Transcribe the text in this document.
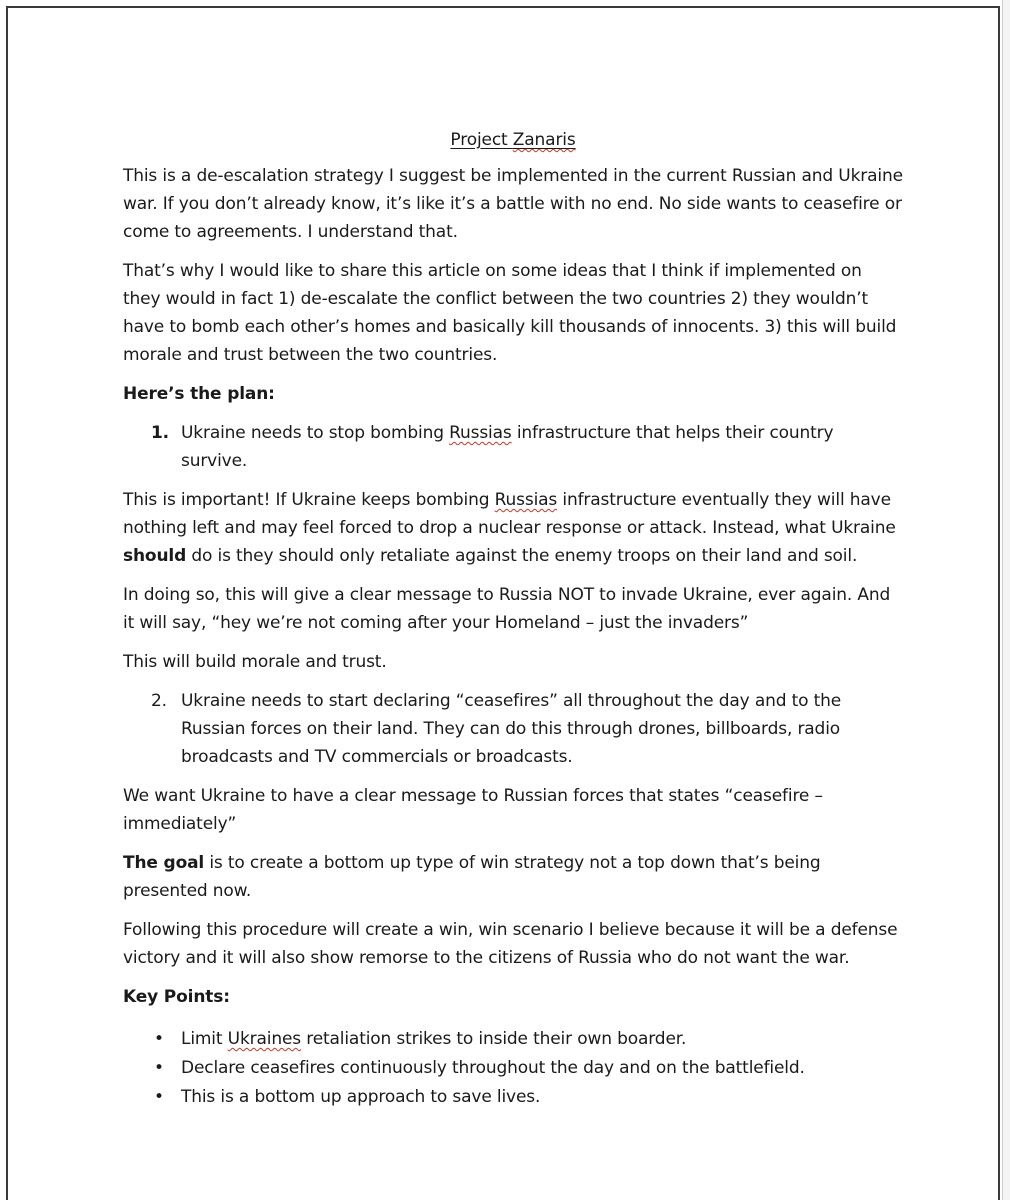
Project Zanaris

This is a de-escalation strategy I suggest be implemented in the current Russian and Ukraine war. If you don’t already know, it’s like it’s a battle with no end. No side wants to ceasefire or come to agreements. I understand that.

That’s why I would like to share this article on some ideas that I think if implemented on they would in fact 1) de-escalate the conflict between the two countries 2) they wouldn’t have to bomb each other’s homes and basically kill thousands of innocents. 3) this will build morale and trust between the two countries.

Here’s the plan:

1. Ukraine needs to stop bombing Russias infrastructure that helps their country survive.

This is important! If Ukraine keeps bombing Russias infrastructure eventually they will have nothing left and may feel forced to drop a nuclear response or attack. Instead, what Ukraine should do is they should only retaliate against the enemy troops on their land and soil.

In doing so, this will give a clear message to Russia NOT to invade Ukraine, ever again. And it will say, “hey we’re not coming after your Homeland – just the invaders”

This will build morale and trust.

2. Ukraine needs to start declaring “ceasefires” all throughout the day and to the Russian forces on their land. They can do this through drones, billboards, radio broadcasts and TV commercials or broadcasts.

We want Ukraine to have a clear message to Russian forces that states “ceasefire – immediately”

The goal is to create a bottom up type of win strategy not a top down that’s being presented now.

Following this procedure will create a win, win scenario I believe because it will be a defense victory and it will also show remorse to the citizens of Russia who do not want the war.

Key Points:

• Limit Ukraines retaliation strikes to inside their own boarder.
• Declare ceasefires continuously throughout the day and on the battlefield.
• This is a bottom up approach to save lives.
